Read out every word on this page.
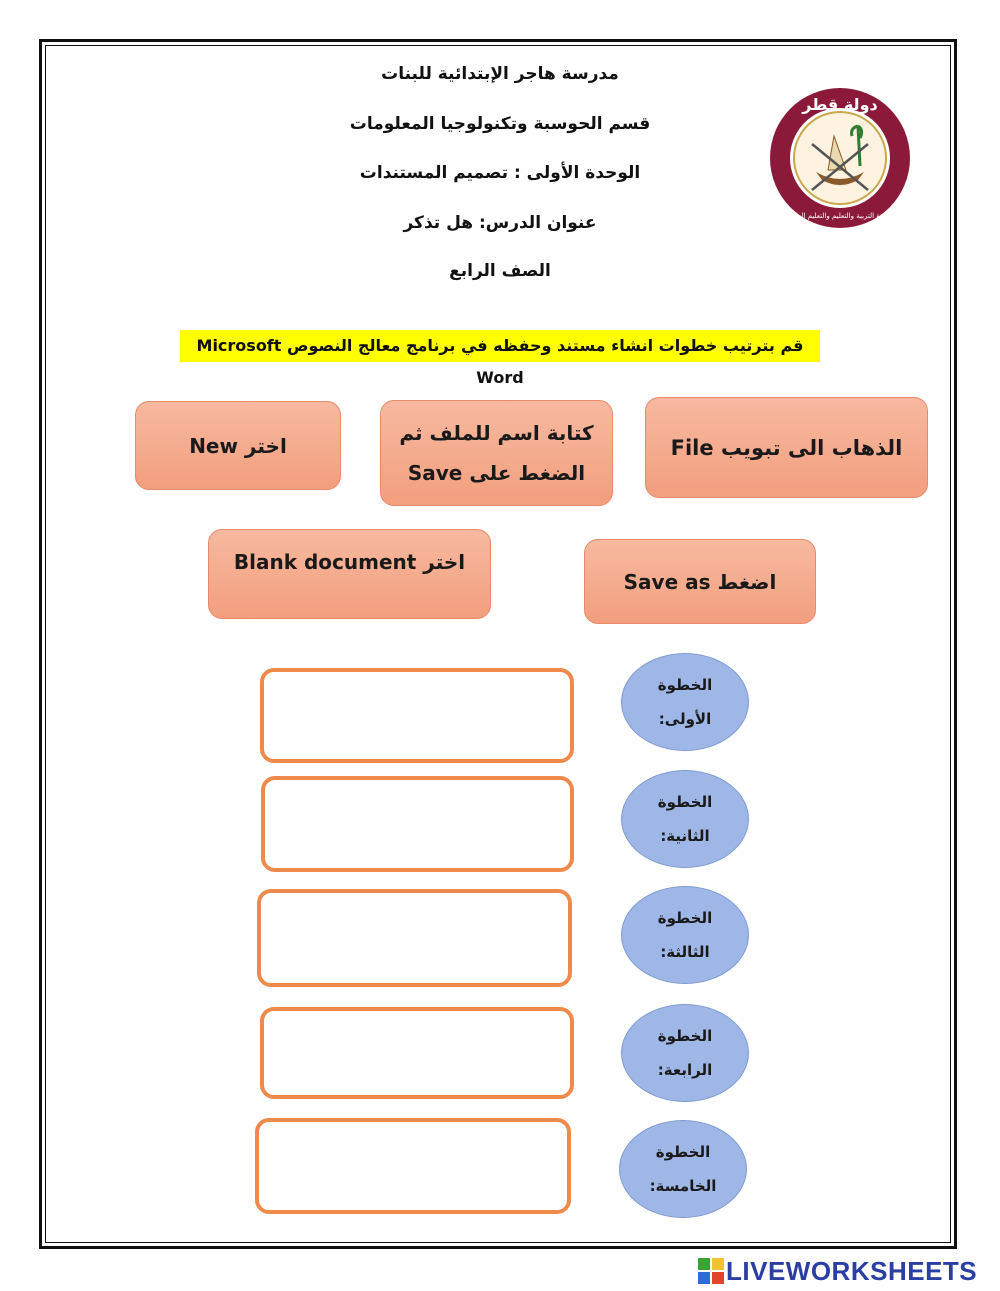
مدرسة هاجر الإبتدائية للبنات
قسم الحوسبة وتكنولوجيا المعلومات
الوحدة الأولى : تصميم المستندات
عنوان الدرس: هل تذكر
الصف الرابع
دولة قطر
وزارة التربية والتعليم والتعليم العالي
قم بترتيب خطوات انشاء مستند وحفظه في برنامج معالج النصوص Microsoft Word
اختر New
كتابة اسم للملف ثم
الضغط على Save
الذهاب الى تبويب File
اختر Blank document
اضغط Save as
الخطوة
الأولى:
الخطوة
الثانية:
الخطوة
الثالثة:
الخطوة
الرابعة:
الخطوة
الخامسة:
LIVEWORKSHEETS
